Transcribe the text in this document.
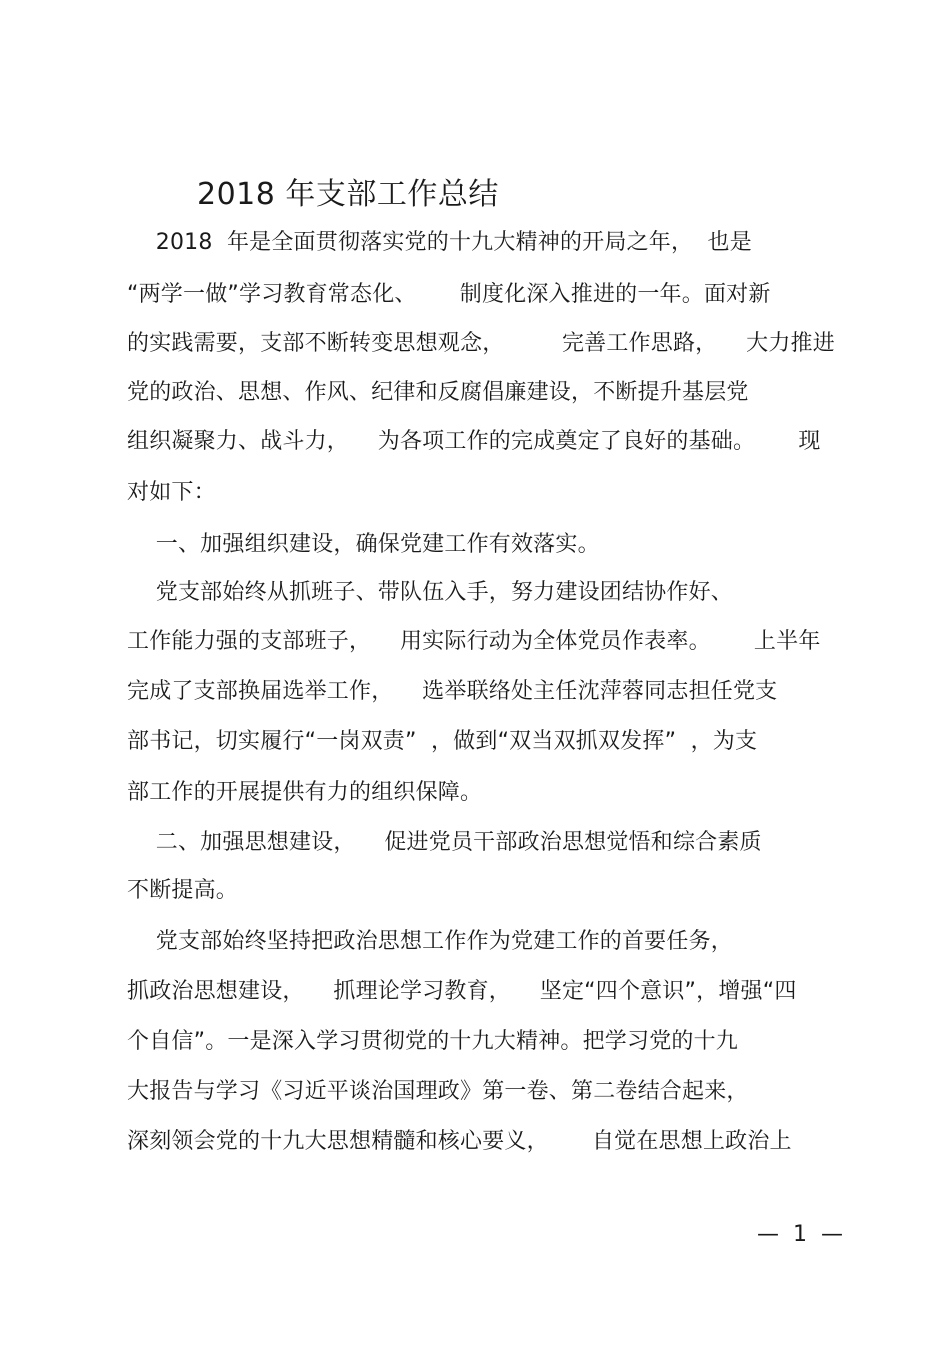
2018 年支部工作总结
2018  年是全面贯彻落实党的十九大精神的开局之年，  也是
“两学一做”学习教育常态化、      制度化深入推进的一年。面对新
的实践需要，支部不断转变思想观念，        完善工作思路，    大力推进
党的政治、思想、作风、纪律和反腐倡廉建设，不断提升基层党
组织凝聚力、战斗力，    为各项工作的完成奠定了良好的基础。      现
对如下：
一、加强组织建设，确保党建工作有效落实。
党支部始终从抓班子、带队伍入手，努力建设团结协作好、
工作能力强的支部班子，    用实际行动为全体党员作表率。      上半年
完成了支部换届选举工作，    选举联络处主任沈萍蓉同志担任党支
部书记，切实履行“一岗双责”  ，做到“双当双抓双发挥”  ，为支
部工作的开展提供有力的组织保障。
二、加强思想建设，    促进党员干部政治思想觉悟和综合素质
不断提高。
党支部始终坚持把政治思想工作作为党建工作的首要任务，
抓政治思想建设，    抓理论学习教育，    坚定“四个意识”，增强“四
个自信”。一是深入学习贯彻党的十九大精神。把学习党的十九
大报告与学习《习近平谈治国理政》第一卷、第二卷结合起来，
深刻领会党的十九大思想精髓和核心要义，      自觉在思想上政治上
—  1  —
